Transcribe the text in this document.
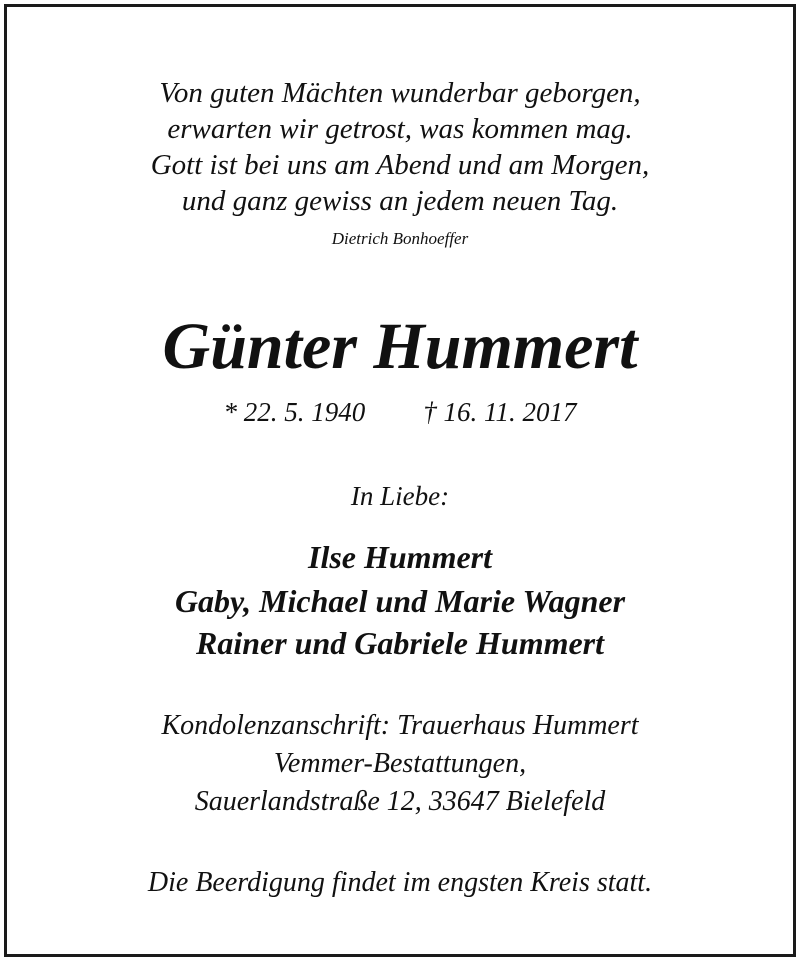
Von guten Mächten wunderbar geborgen,
erwarten wir getrost, was kommen mag.
Gott ist bei uns am Abend und am Morgen,
und ganz gewiss an jedem neuen Tag.
Dietrich Bonhoeffer
Günter Hummert
* 22. 5. 1940 † 16. 11. 2017
In Liebe:
Ilse Hummert
Gaby, Michael und Marie Wagner
Rainer und Gabriele Hummert
Kondolenzanschrift: Trauerhaus Hummert
Vemmer-Bestattungen,
Sauerlandstraße 12, 33647 Bielefeld
Die Beerdigung findet im engsten Kreis statt.
